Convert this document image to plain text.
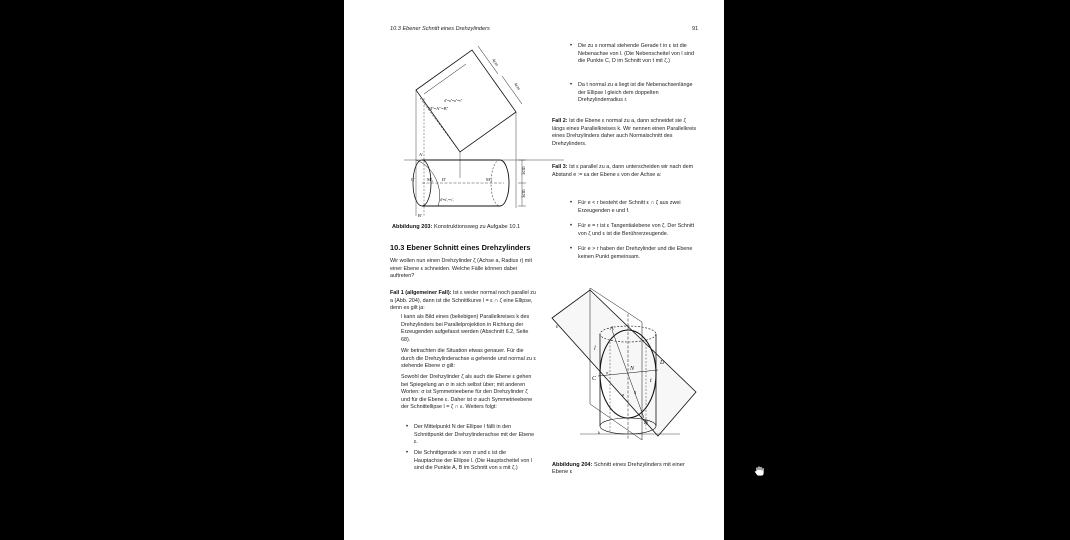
10.3 Ebener Schnitt eines Drehzylinders	91
4cm
4cm
M''=A''=B''
d''=a''=u''=v''
C'	M'₁ D'	M'₂
d'=u'₂=v'₂
B'
A'
3cm
3cm
Abbildung 203: Konstruktionsweg zu Aufgabe 10.1
10.3 Ebener Schnitt eines Drehzylinders

Wir wollen nun einen Drehzylinder ζ (Achse a, Radius r) mit einer Ebene ε schneiden. Welche Fälle können dabei auftreten?

Fall 1 (allgemeiner Fall): Ist ε weder normal noch parallel zu a (Abb. 204), dann ist die Schnittkurve l = ε ∩ ζ eine Ellipse, denn es gilt ja:

l kann als Bild eines (beliebigen) Parallelkreises k des Drehzylinders bei Parallelprojektion in Richtung der Erzeugenden aufgefasst werden (Abschnitt 6.2, Seite 68).

Wir betrachten die Situation etwas genauer. Für die durch die Drehzylinderachse a gehende und normal zu ε stehende Ebene σ gilt:

Sowohl der Drehzylinder ζ als auch die Ebene ε gehen bei Spiegelung an σ in sich selbst über; mit anderen Worten: σ ist Symmetrieebene für den Drehzylinder ζ und für die Ebene ε. Daher ist σ auch Symmetrieebene der Schnittellipse l = ζ ∩ ε. Weiters folgt:

• Der Mittelpunkt N der Ellipse l fällt in den Schnittpunkt der Drehzylinderachse mit der Ebene ε.
• Die Schnittgerade s von σ und ε ist die Hauptachse der Ellipse l. (Die Hauptscheitel von l sind die Punkte A, B im Schnitt von s mit ζ.)
• Die zu s normal stehende Gerade t in ε ist die Nebenachse von l. (Die Nebenscheitel von l sind die Punkte C, D im Schnitt von t mit ζ.)
• Da t normal zu a liegt ist die Nebenachsenlänge der Ellipse l gleich dem doppelten Drehzylinderradius r.

Fall 2: Ist die Ebene ε normal zu a, dann schneidet sie ζ längs eines Parallelkreises k. Wir nennen einen Parallelkreis eines Drehzylinders daher auch Normalschnitt des Drehzylinders.

Fall 3: Ist ε parallel zu a, dann unterscheiden wir nach dem Abstand e := εa der Ebene ε von der Achse a:

• Für e < r besteht der Schnitt ε ∩ ζ aus zwei Erzeugenden e und f.
• Für e = r ist ε Tangentialebene von ζ. Der Schnitt von ζ und ε ist die Berührerzeugende.
• Für e > r haben der Drehzylinder und die Ebene keinen Punkt gemeinsam.
A
B
C
D
N
l
s
t
a
ε
σ
k
Abbildung 204: Schnitt eines Drehzylinders mit einer Ebene ε
